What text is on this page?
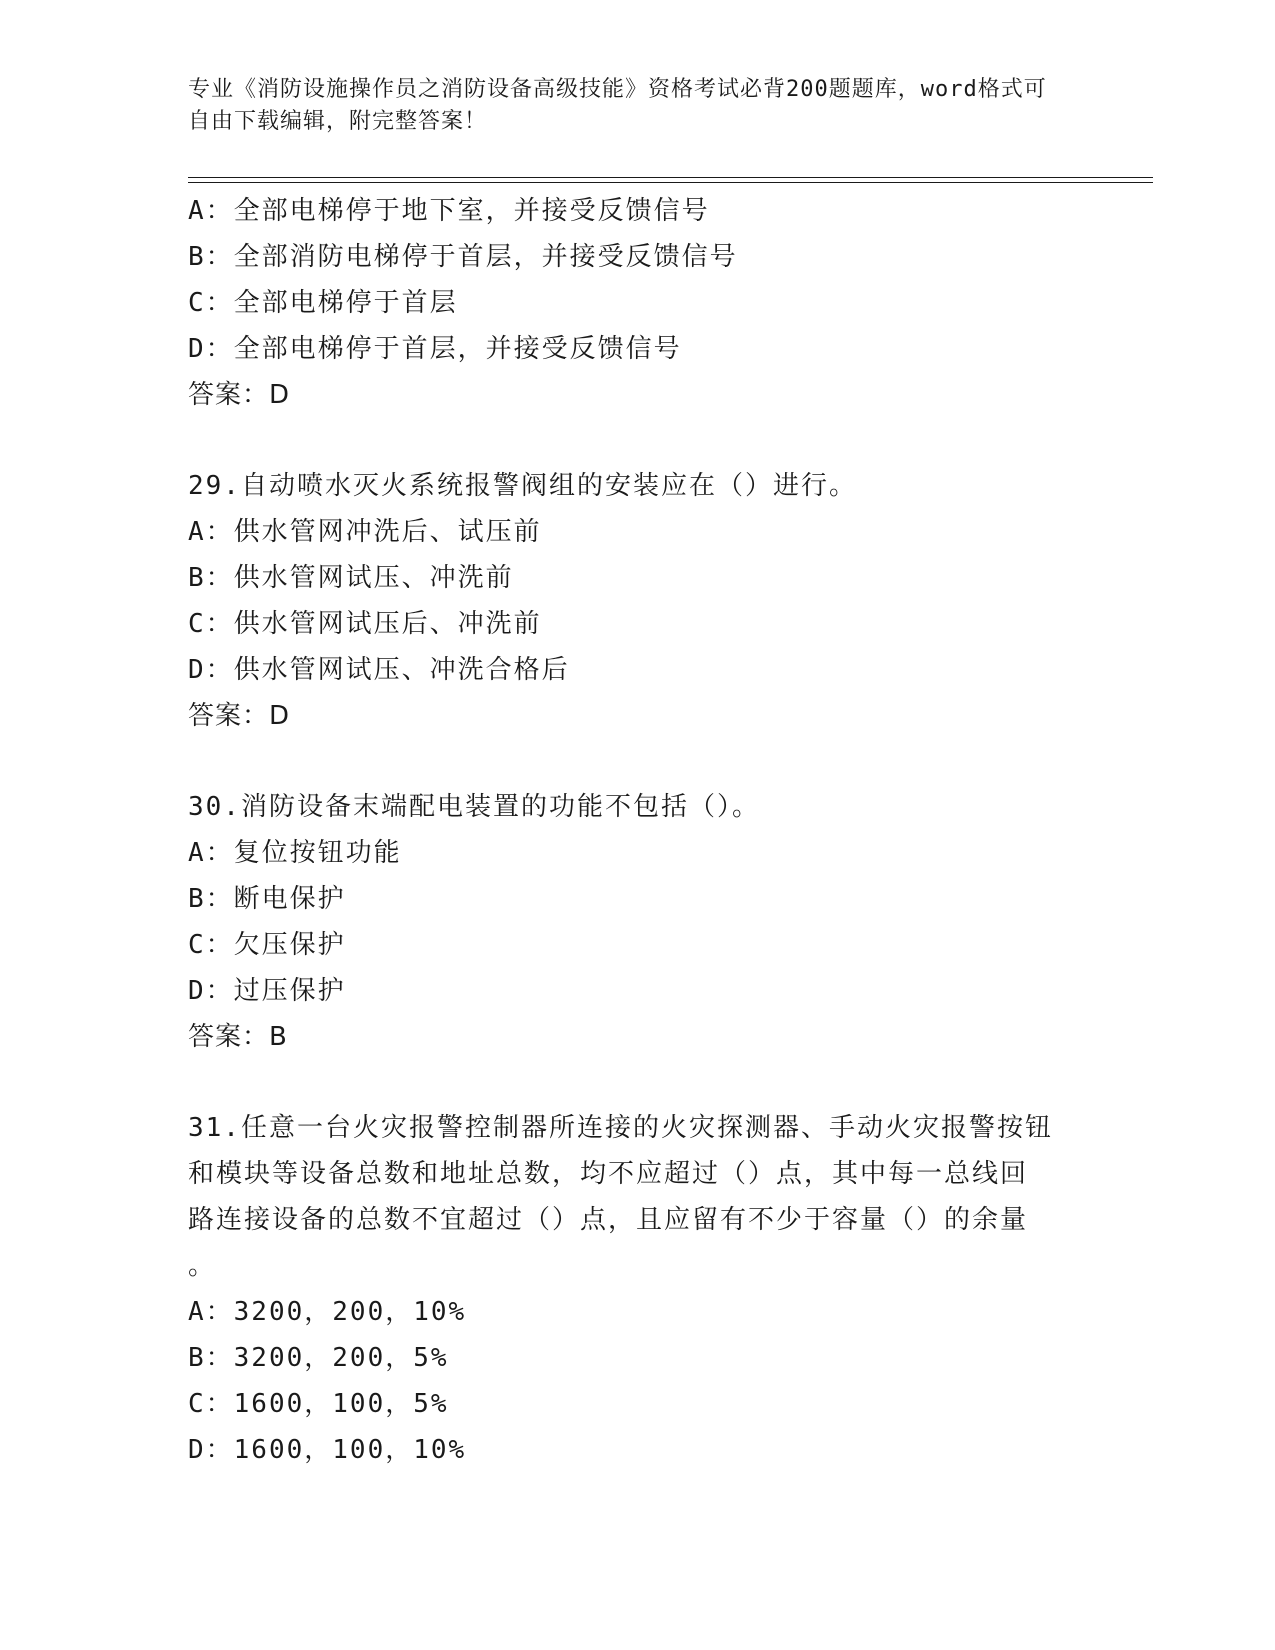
专业《消防设施操作员之消防设备高级技能》资格考试必背200题题库，word格式可自由下载编辑，附完整答案！
A：全部电梯停于地下室，并接受反馈信号
B：全部消防电梯停于首层，并接受反馈信号
C：全部电梯停于首层
D：全部电梯停于首层，并接受反馈信号
答案：D
29.自动喷水灭火系统报警阀组的安装应在（）进行。
A：供水管网冲洗后、试压前
B：供水管网试压、冲洗前
C：供水管网试压后、冲洗前
D：供水管网试压、冲洗合格后
答案：D
30.消防设备末端配电装置的功能不包括（）。
A：复位按钮功能
B：断电保护
C：欠压保护
D：过压保护
答案：B
31.任意一台火灾报警控制器所连接的火灾探测器、手动火灾报警按钮
和模块等设备总数和地址总数，均不应超过（）点，其中每一总线回
路连接设备的总数不宜超过（）点，且应留有不少于容量（）的余量
。
A：3200，200，10%
B：3200，200，5%
C：1600，100，5%
D：1600，100，10%
